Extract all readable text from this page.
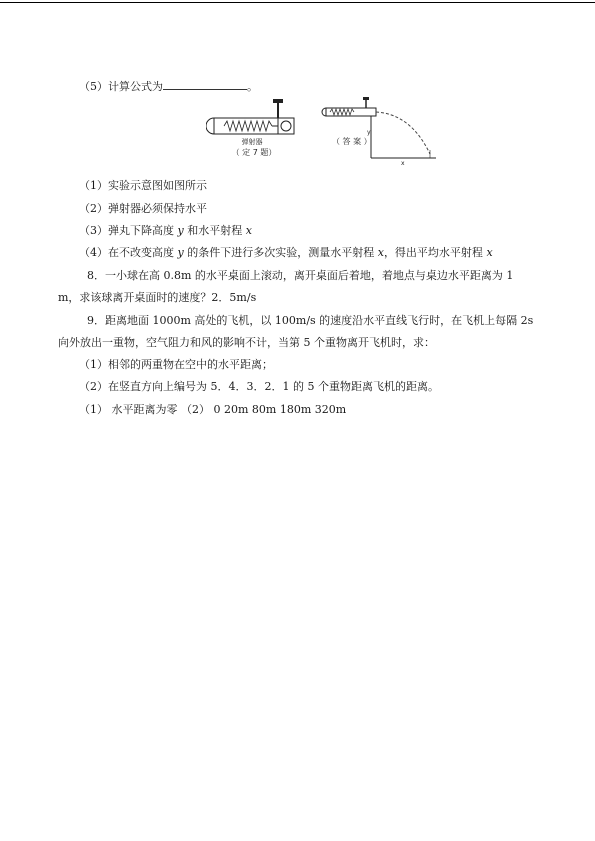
（5）计算公式为	。
弹射器
（ 定 7 题）
y
x
（ 答 案 ）
（1）实验示意图如图所示
（2）弹射器必须保持水平
（3）弹丸下降高度 y 和水平射程 x
（4）在不改变高度 y 的条件下进行多次实验，测量水平射程 x，得出平均水平射程 x
8．一小球在高 0.8m 的水平桌面上滚动，离开桌面后着地，着地点与桌边水平距离为 1
m，求该球离开桌面时的速度？2．5m/s
9．距离地面 1000m 高处的飞机，以 100m/s 的速度沿水平直线飞行时，在飞机上每隔 2s
向外放出一重物，空气阻力和风的影响不计，当第 5 个重物离开飞机时，求：
（1）相邻的两重物在空中的水平距离；
（2）在竖直方向上编号为 5．4．3．2．1 的 5 个重物距离飞机的距离。
（1） 水平距离为零 （2） 0 20m 80m 180m 320m
